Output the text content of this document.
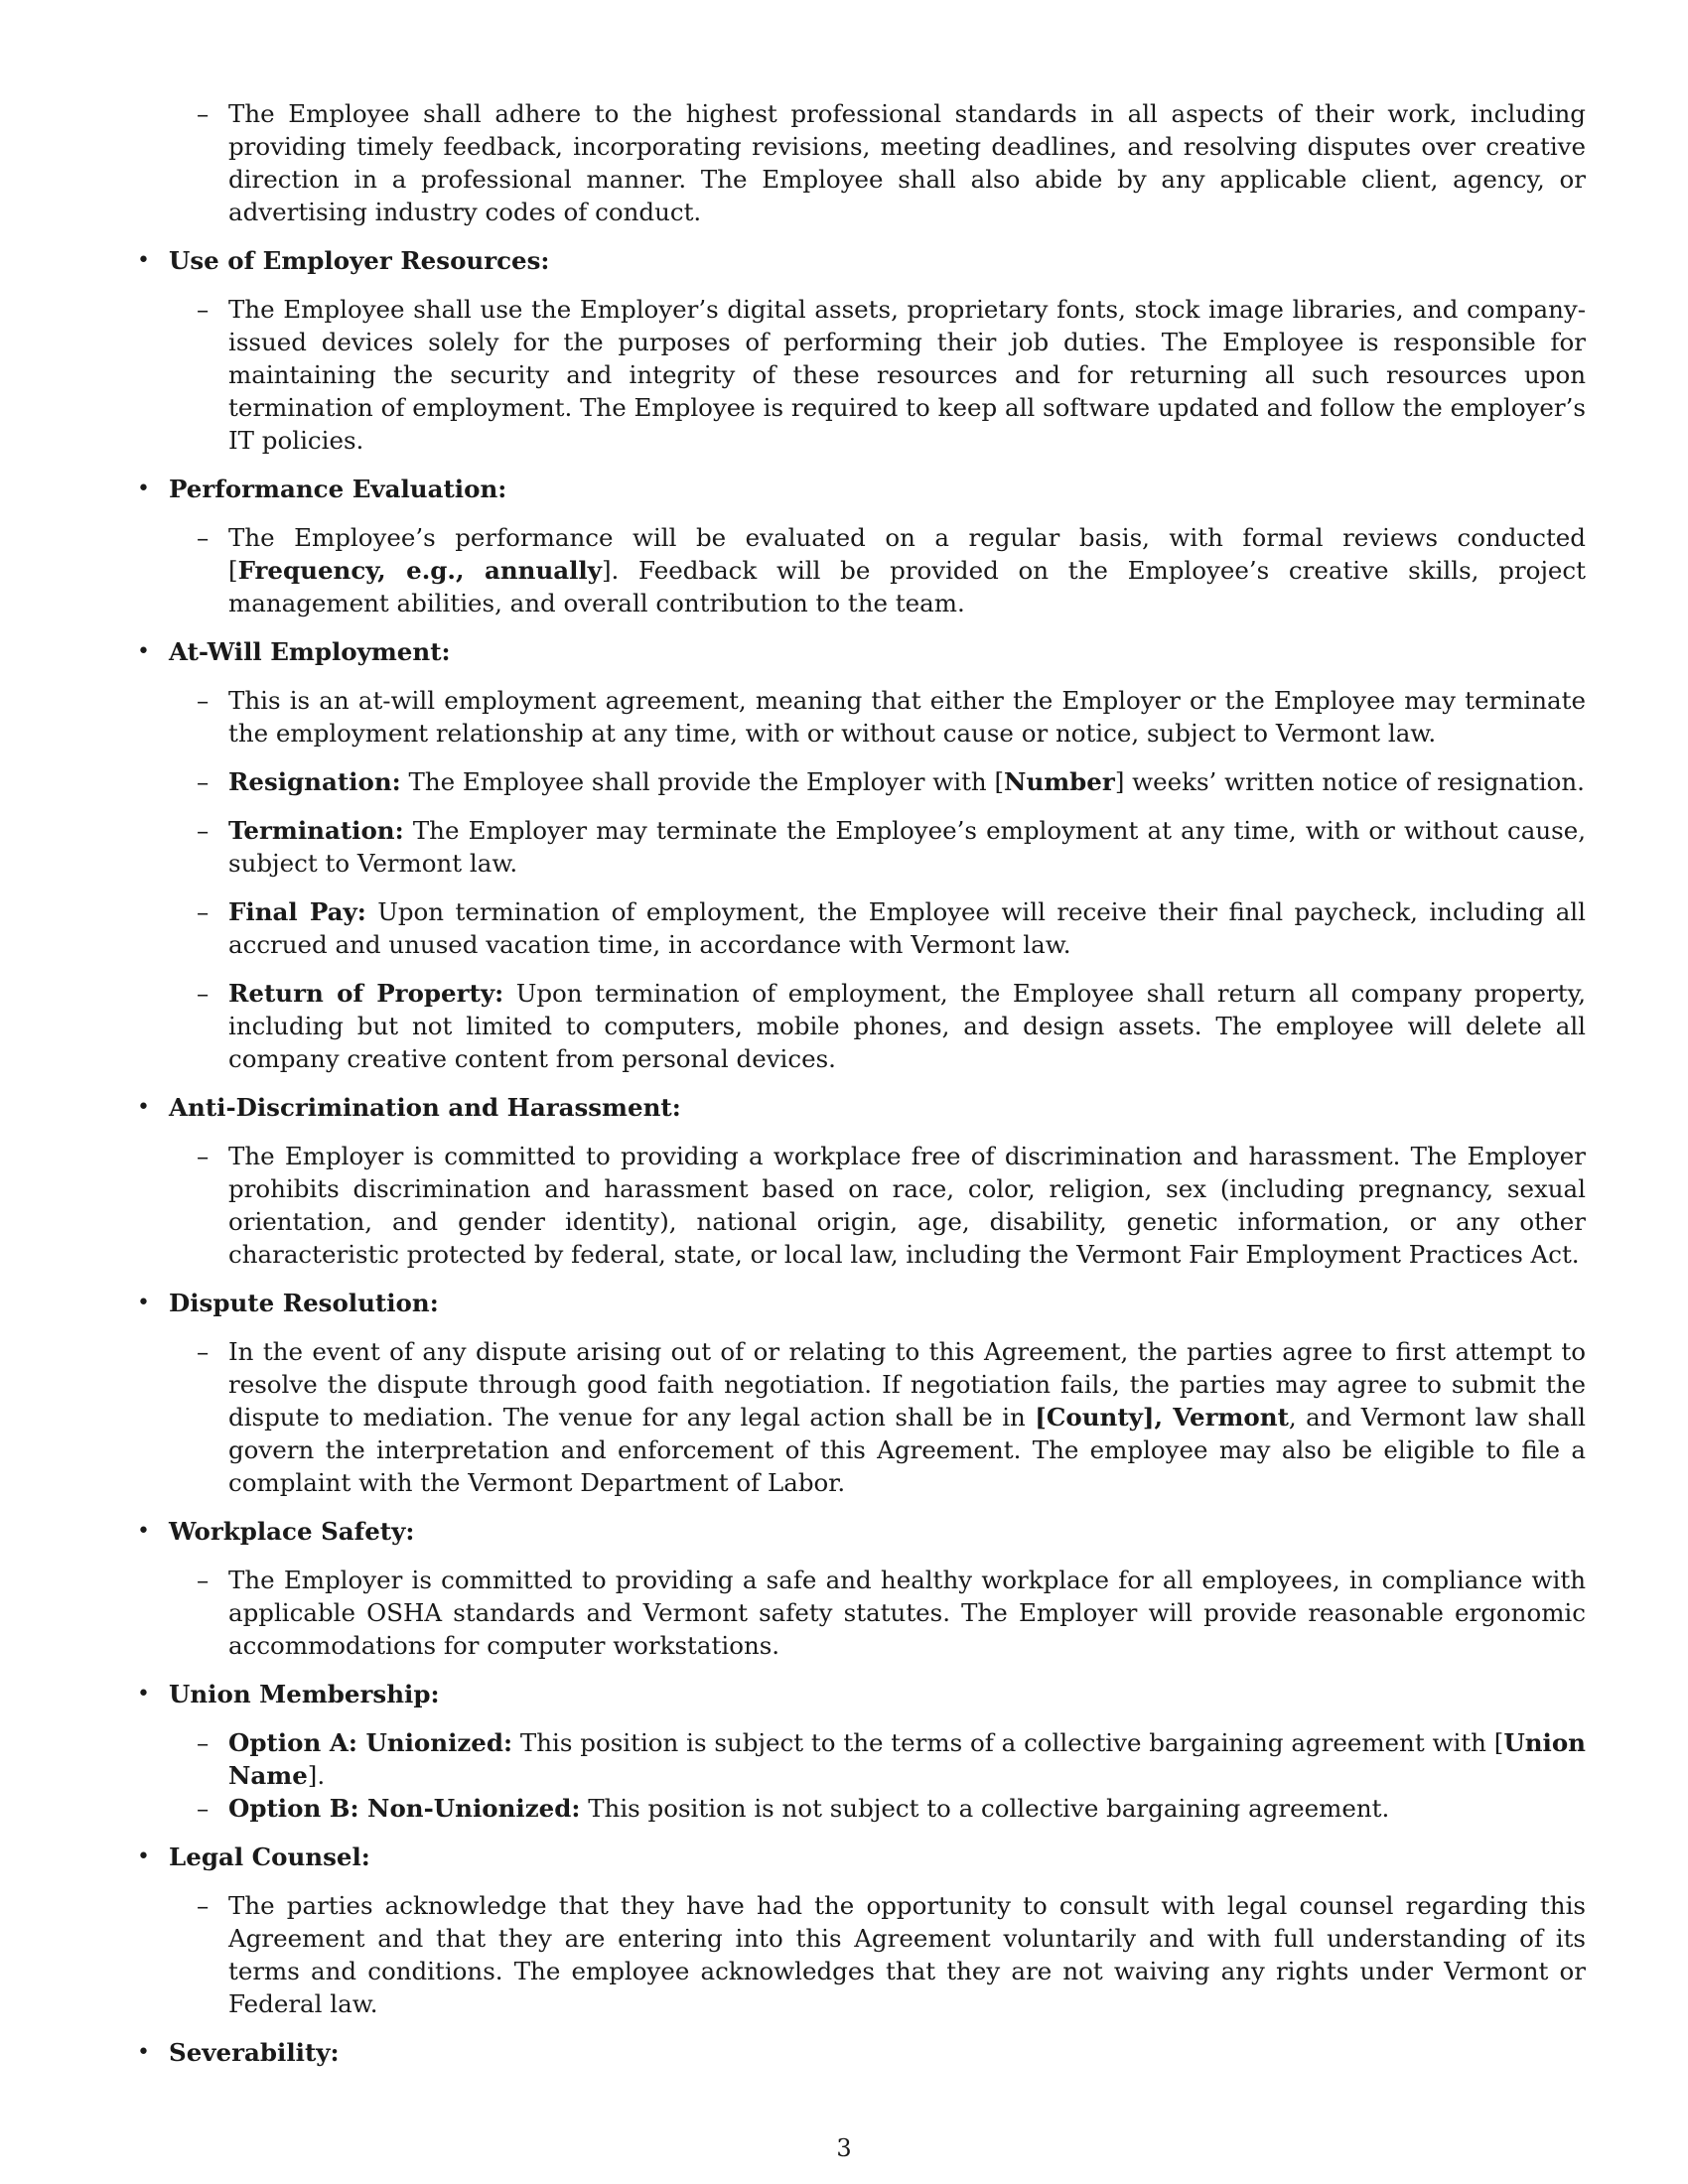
– The Employee shall adhere to the highest professional standards in all aspects of their work, including providing timely feedback, incorporating revisions, meeting deadlines, and resolving disputes over creative direction in a professional manner. The Employee shall also abide by any applicable client, agency, or advertising industry codes of conduct.
• Use of Employer Resources:
– The Employee shall use the Employer’s digital assets, proprietary fonts, stock image libraries, and company-issued devices solely for the purposes of performing their job duties. The Employee is responsible for maintaining the security and integrity of these resources and for returning all such resources upon termination of employment. The Employee is required to keep all software updated and follow the employer’s IT policies.
• Performance Evaluation:
– The Employee’s performance will be evaluated on a regular basis, with formal reviews conducted [Frequency, e.g., annually]. Feedback will be provided on the Employee’s creative skills, project management abilities, and overall contribution to the team.
• At-Will Employment:
– This is an at-will employment agreement, meaning that either the Employer or the Employee may terminate the employment relationship at any time, with or without cause or notice, subject to Vermont law.
– Resignation: The Employee shall provide the Employer with [Number] weeks’ written notice of resignation.
– Termination: The Employer may terminate the Employee’s employment at any time, with or without cause, subject to Vermont law.
– Final Pay: Upon termination of employment, the Employee will receive their final paycheck, including all accrued and unused vacation time, in accordance with Vermont law.
– Return of Property: Upon termination of employment, the Employee shall return all company property, including but not limited to computers, mobile phones, and design assets. The employee will delete all company creative content from personal devices.
• Anti-Discrimination and Harassment:
– The Employer is committed to providing a workplace free of discrimination and harassment. The Employer prohibits discrimination and harassment based on race, color, religion, sex (including pregnancy, sexual orientation, and gender identity), national origin, age, disability, genetic information, or any other characteristic protected by federal, state, or local law, including the Vermont Fair Employment Practices Act.
• Dispute Resolution:
– In the event of any dispute arising out of or relating to this Agreement, the parties agree to first attempt to resolve the dispute through good faith negotiation. If negotiation fails, the parties may agree to submit the dispute to mediation. The venue for any legal action shall be in [County], Vermont, and Vermont law shall govern the interpretation and enforcement of this Agreement. The employee may also be eligible to file a complaint with the Vermont Department of Labor.
• Workplace Safety:
– The Employer is committed to providing a safe and healthy workplace for all employees, in compliance with applicable OSHA standards and Vermont safety statutes. The Employer will provide reasonable ergonomic accommodations for computer workstations.
• Union Membership:
– Option A: Unionized: This position is subject to the terms of a collective bargaining agreement with [Union Name].
– Option B: Non-Unionized: This position is not subject to a collective bargaining agreement.
• Legal Counsel:
– The parties acknowledge that they have had the opportunity to consult with legal counsel regarding this Agreement and that they are entering into this Agreement voluntarily and with full understanding of its terms and conditions. The employee acknowledges that they are not waiving any rights under Vermont or Federal law.
• Severability:
3
